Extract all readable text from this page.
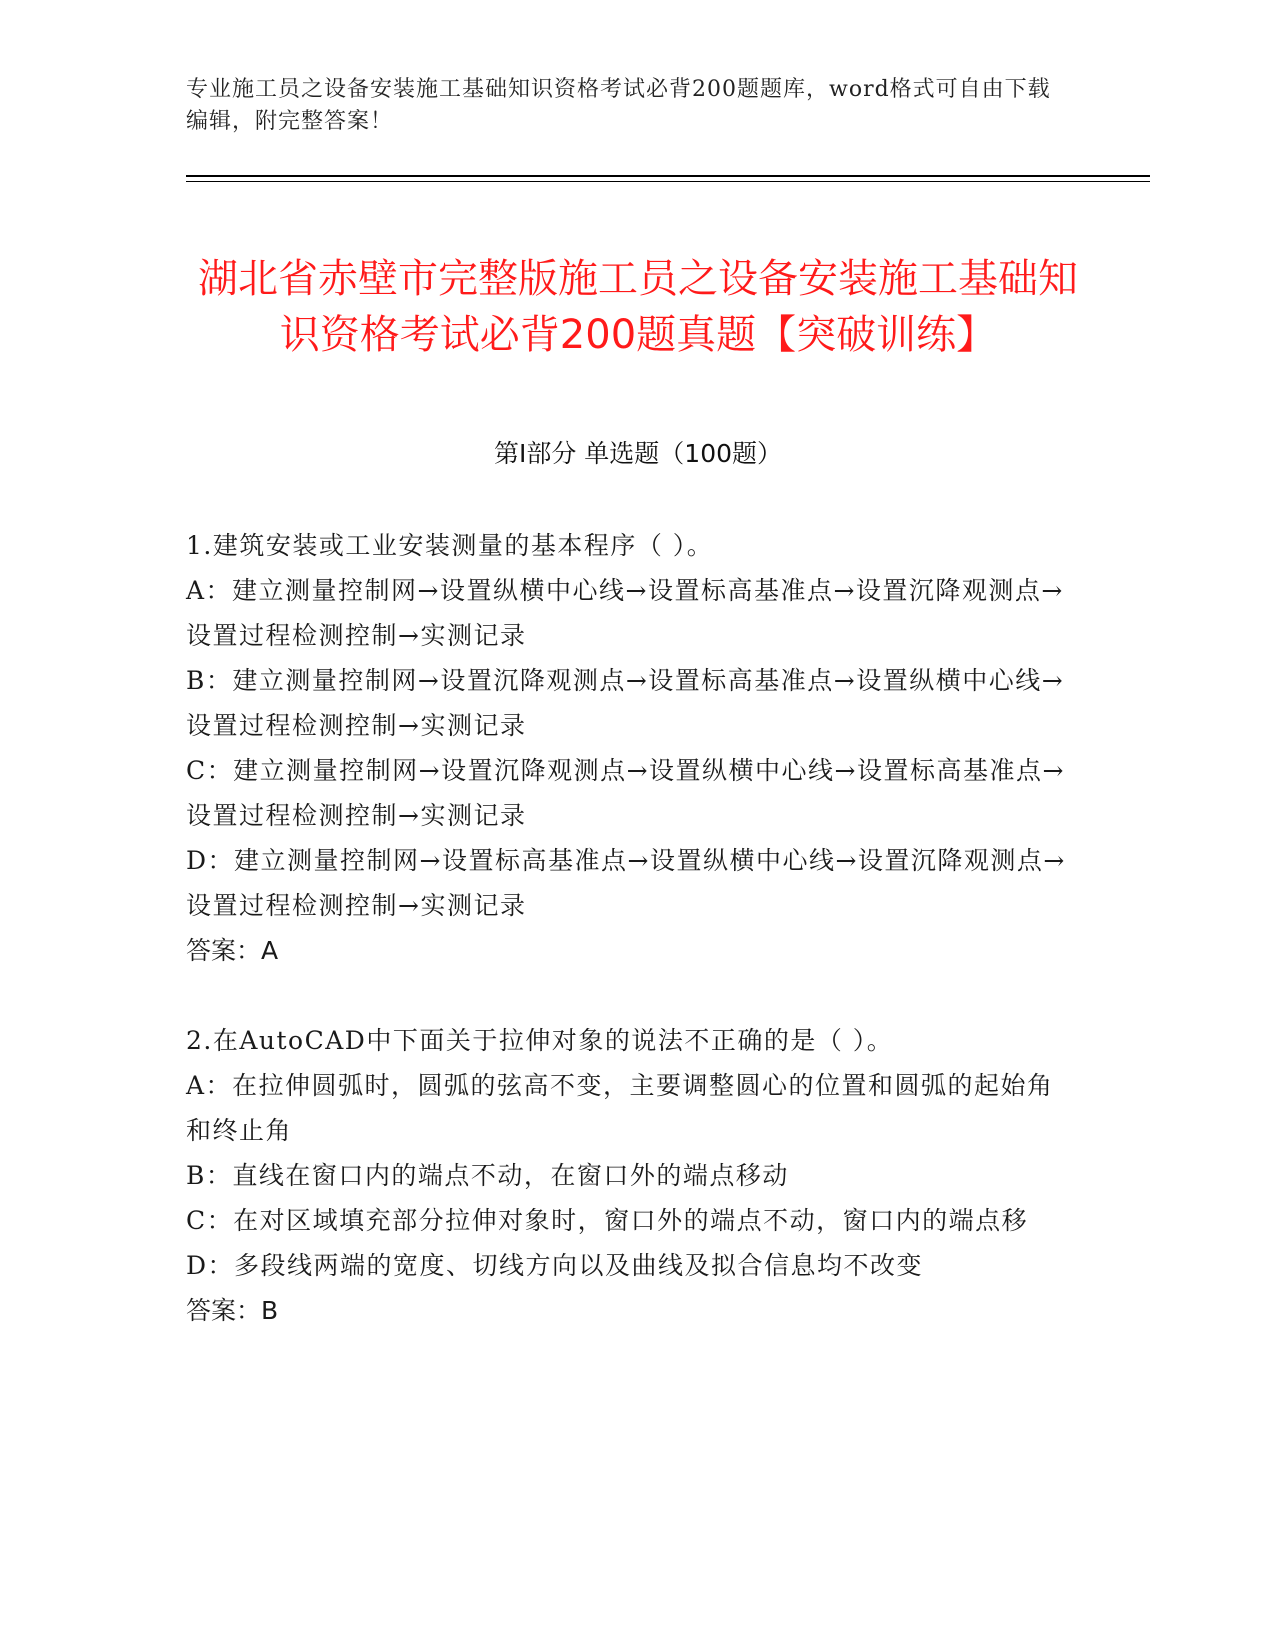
专业施工员之设备安装施工基础知识资格考试必背200题题库，word格式可自由下载编辑，附完整答案！
湖北省赤壁市完整版施工员之设备安装施工基础知识资格考试必背200题真题【突破训练】
第Ⅰ部分 单选题（100题）

1.建筑安装或工业安装测量的基本程序（ ）。

A：建立测量控制网→设置纵横中心线→设置标高基准点→设置沉降观测点→设置过程检测控制→实测记录

B：建立测量控制网→设置沉降观测点→设置标高基准点→设置纵横中心线→设置过程检测控制→实测记录

C：建立测量控制网→设置沉降观测点→设置纵横中心线→设置标高基准点→设置过程检测控制→实测记录

D：建立测量控制网→设置标高基准点→设置纵横中心线→设置沉降观测点→设置过程检测控制→实测记录

答案：A

2.在AutoCAD中下面关于拉伸对象的说法不正确的是（ ）。

A：在拉伸圆弧时，圆弧的弦高不变，主要调整圆心的位置和圆弧的起始角和终止角

B：直线在窗口内的端点不动，在窗口外的端点移动

C：在对区域填充部分拉伸对象时，窗口外的端点不动，窗口内的端点移

D：多段线两端的宽度、切线方向以及曲线及拟合信息均不改变

答案：B
